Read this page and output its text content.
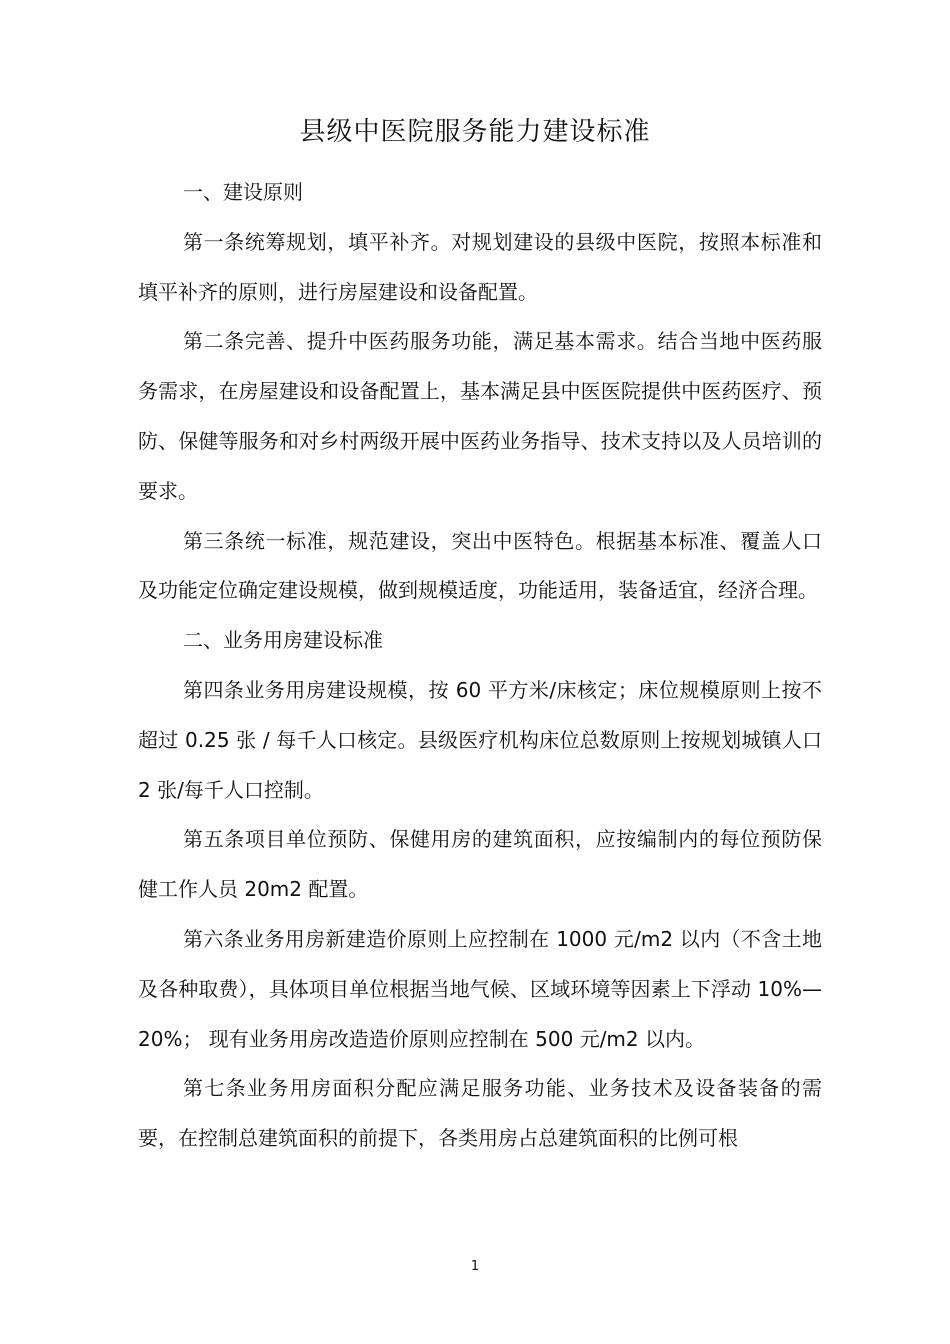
县级中医院服务能力建设标准

一、建设原则

第一条统筹规划，填平补齐。对规划建设的县级中医院，按照本标准和填平补齐的原则，进行房屋建设和设备配置。

第二条完善、提升中医药服务功能，满足基本需求。结合当地中医药服务需求，在房屋建设和设备配置上，基本满足县中医医院提供中医药医疗、预防、保健等服务和对乡村两级开展中医药业务指导、技术支持以及人员培训的要求。

第三条统一标准，规范建设，突出中医特色。根据基本标准、覆盖人口及功能定位确定建设规模，做到规模适度，功能适用，装备适宜，经济合理。

二、业务用房建设标准

第四条业务用房建设规模，按 60 平方米/床核定；床位规模原则上按不超过 0.25 张 / 每千人口核定。县级医疗机构床位总数原则上按规划城镇人口 2 张/每千人口控制。

第五条项目单位预防、保健用房的建筑面积，应按编制内的每位预防保健工作人员 20m2 配置。

第六条业务用房新建造价原则上应控制在 1000 元/m2 以内（不含土地及各种取费），具体项目单位根据当地气候、区域环境等因素上下浮动 10%—20%； 现有业务用房改造造价原则应控制在 500 元/m2 以内。

第七条业务用房面积分配应满足服务功能、业务技术及设备装备的需要，在控制总建筑面积的前提下，各类用房占总建筑面积的比例可根

1
